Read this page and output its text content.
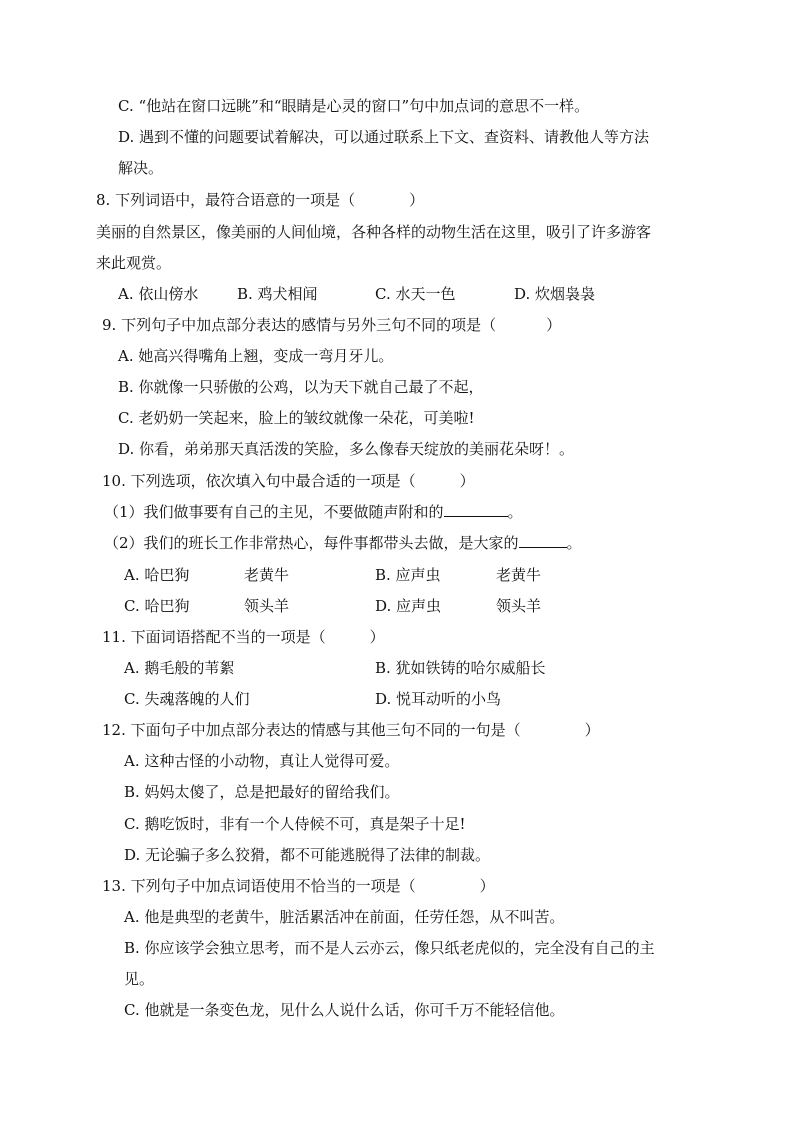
C. “他站在窗口远眺”和“眼睛是心灵的窗口”句中加点词的意思不一样。
D. 遇到不懂的问题要试着解决，可以通过联系上下文、查资料、请教他人等方法
解决。
8. 下列词语中，最符合语意的一项是（	）
美丽的自然景区，像美丽的人间仙境，各种各样的动物生活在这里，吸引了许多游客
来此观赏。
A. 依山傍水	B. 鸡犬相闻	C. 水天一色	D. 炊烟袅袅
9. 下列句子中加点部分表达的感情与另外三句不同的项是（	）
A. 她高兴得嘴角上翘，变成一弯月牙儿。
B. 你就像一只骄傲的公鸡，以为天下就自己最了不起，
C. 老奶奶一笑起来，脸上的皱纹就像一朵花，可美啦!
D. 你看，弟弟那天真活泼的笑脸，多么像春天绽放的美丽花朵呀！。
10. 下列选项，依次填入句中最合适的一项是（	）
（1）我们做事要有自己的主见，不要做随声附和的	。
（2）我们的班长工作非常热心，每件事都带头去做，是大家的	。
A. 哈巴狗	老黄牛	B. 应声虫	老黄牛
C. 哈巴狗	领头羊	D. 应声虫	领头羊
11. 下面词语搭配不当的一项是（	）
A. 鹅毛般的苇絮	B. 犹如铁铸的哈尔威船长
C. 失魂落魄的人们	D. 悦耳动听的小鸟
12. 下面句子中加点部分表达的情感与其他三句不同的一句是（	）
A. 这种古怪的小动物，真让人觉得可爱。
B. 妈妈太傻了，总是把最好的留给我们。
C. 鹅吃饭时，非有一个人侍候不可，真是架子十足!
D. 无论骗子多么狡猾，都不可能逃脱得了法律的制裁。
13. 下列句子中加点词语使用不恰当的一项是（	）
A. 他是典型的老黄牛，脏活累活冲在前面，任劳任怨，从不叫苦。
B. 你应该学会独立思考，而不是人云亦云，像只纸老虎似的，完全没有自己的主
见。
C. 他就是一条变色龙，见什么人说什么话，你可千万不能轻信他。
